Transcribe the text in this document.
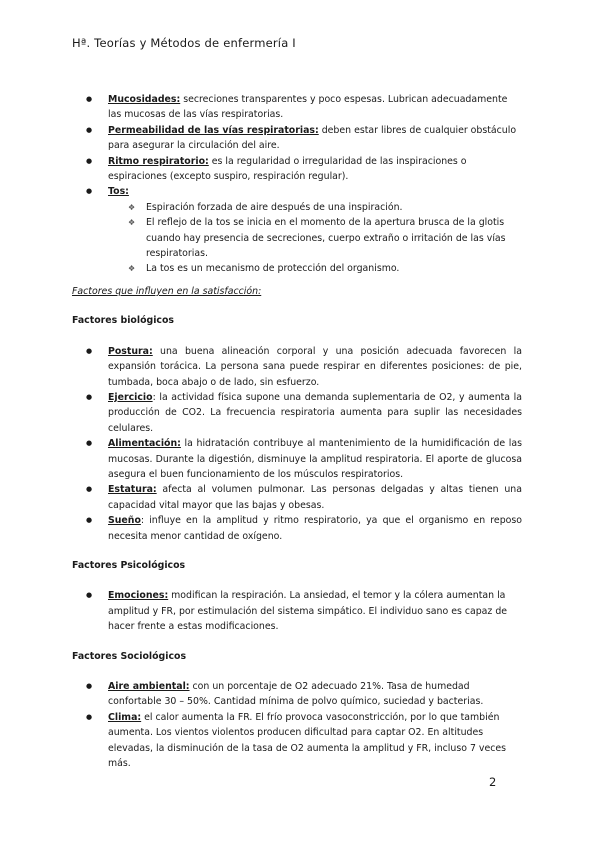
Hª. Teorías y Métodos de enfermería I
● Mucosidades: secreciones transparentes y poco espesas. Lubrican adecuadamente las mucosas de las vías respiratorias.
● Permeabilidad de las vías respiratorias: deben estar libres de cualquier obstáculo para asegurar la circulación del aire.
● Ritmo respiratorio: es la regularidad o irregularidad de las inspiraciones o espiraciones (excepto suspiro, respiración regular).
● Tos:
❖ Espiración forzada de aire después de una inspiración.
❖ El reflejo de la tos se inicia en el momento de la apertura brusca de la glotis cuando hay presencia de secreciones, cuerpo extraño o irritación de las vías respiratorias.
❖ La tos es un mecanismo de protección del organismo.
Factores que influyen en la satisfacción:
Factores biológicos
● Postura: una buena alineación corporal y una posición adecuada favorecen la expansión torácica. La persona sana puede respirar en diferentes posiciones: de pie, tumbada, boca abajo o de lado, sin esfuerzo.
● Ejercicio: la actividad física supone una demanda suplementaria de O2, y aumenta la producción de CO2. La frecuencia respiratoria aumenta para suplir las necesidades celulares.
● Alimentación: la hidratación contribuye al mantenimiento de la humidificación de las mucosas. Durante la digestión, disminuye la amplitud respiratoria. El aporte de glucosa asegura el buen funcionamiento de los músculos respiratorios.
● Estatura: afecta al volumen pulmonar. Las personas delgadas y altas tienen una capacidad vital mayor que las bajas y obesas.
● Sueño: influye en la amplitud y ritmo respiratorio, ya que el organismo en reposo necesita menor cantidad de oxígeno.
Factores Psicológicos
● Emociones: modifican la respiración. La ansiedad, el temor y la cólera aumentan la amplitud y FR, por estimulación del sistema simpático. El individuo sano es capaz de hacer frente a estas modificaciones.
Factores Sociológicos
● Aire ambiental: con un porcentaje de O2 adecuado 21%. Tasa de humedad confortable 30 – 50%. Cantidad mínima de polvo químico, suciedad y bacterias.
● Clima: el calor aumenta la FR. El frío provoca vasoconstricción, por lo que también aumenta. Los vientos violentos producen dificultad para captar O2. En altitudes elevadas, la disminución de la tasa de O2 aumenta la amplitud y FR, incluso 7 veces más.
2
